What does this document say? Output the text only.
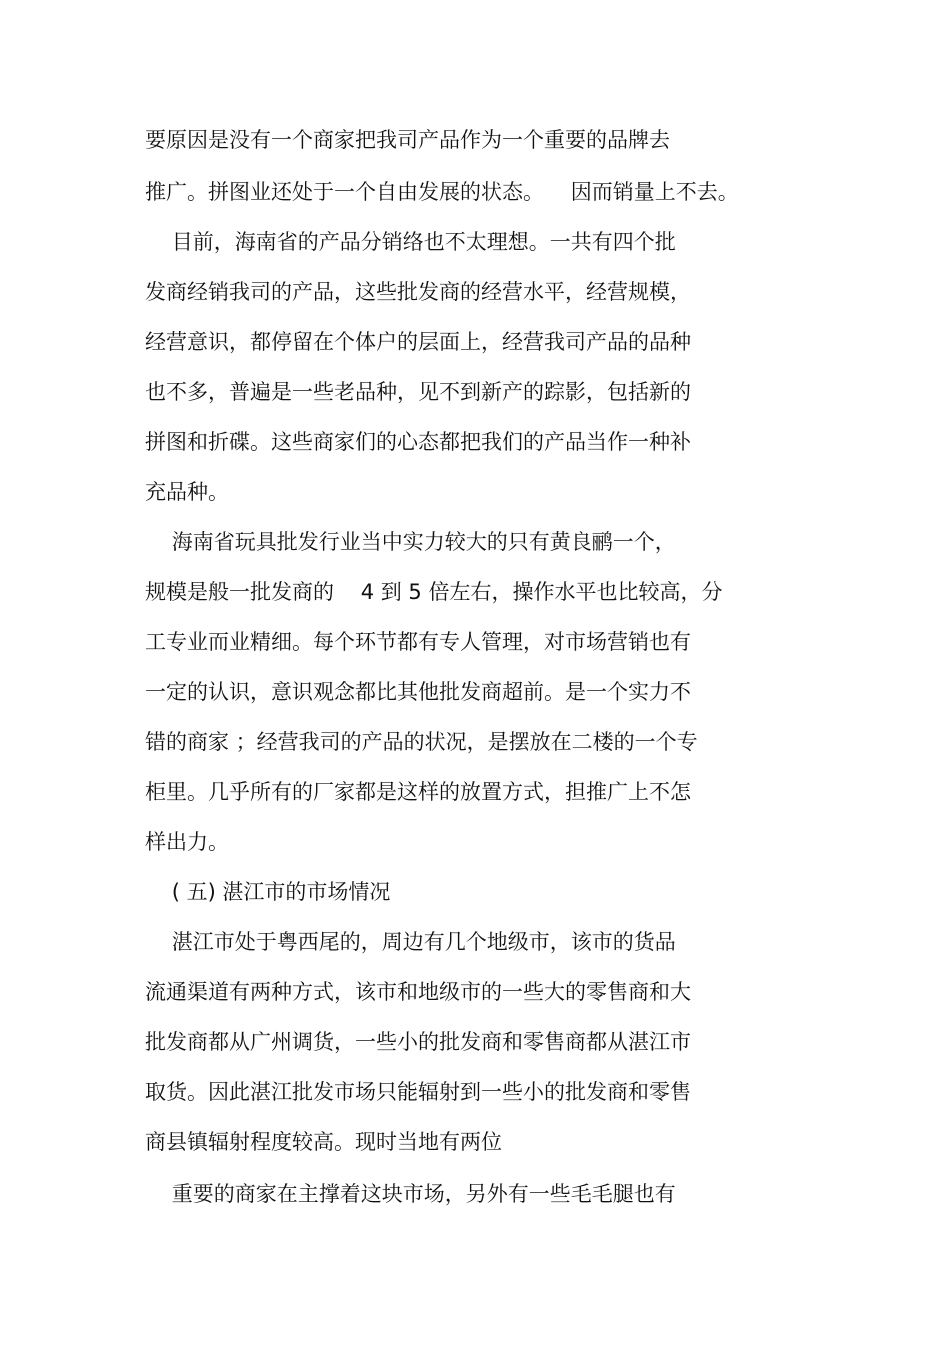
要原因是没有一个商家把我司产品作为一个重要的品牌去

推广。拼图业还处于一个自由发展的状态。    因而销量上不去。

目前，海南省的产品分销络也不太理想。一共有四个批

发商经销我司的产品，这些批发商的经营水平，经营规模，

经营意识，都停留在个体户的层面上，经营我司产品的品种

也不多，普遍是一些老品种，见不到新产的踪影，包括新的

拼图和折碟。这些商家们的心态都把我们的产品当作一种补

充品种。

海南省玩具批发行业当中实力较大的只有黄良鹂一个，

规模是般一批发商的    4 到 5 倍左右，操作水平也比较高，分

工专业而业精细。每个环节都有专人管理，对市场营销也有

一定的认识，意识观念都比其他批发商超前。是一个实力不

错的商家 ；经营我司的产品的状况，是摆放在二楼的一个专

柜里。几乎所有的厂家都是这样的放置方式，担推广上不怎

样出力。

( 五) 湛江市的市场情况

湛江市处于粤西尾的，周边有几个地级市，该市的货品

流通渠道有两种方式，该市和地级市的一些大的零售商和大

批发商都从广州调货，一些小的批发商和零售商都从湛江市

取货。因此湛江批发市场只能辐射到一些小的批发商和零售

商县镇辐射程度较高。现时当地有两位

重要的商家在主撑着这块市场，另外有一些毛毛腿也有
